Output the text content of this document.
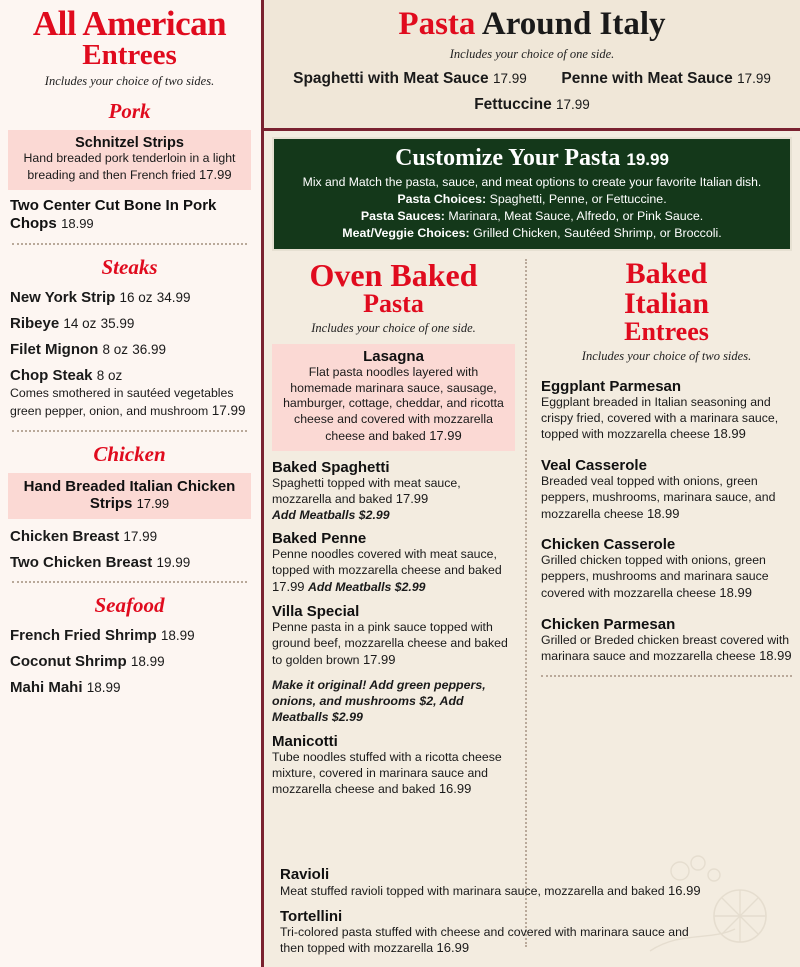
All American
Entrees
Includes your choice of two sides.
Pork
Schnitzel Strips
Hand breaded pork tenderloin in a light breading and then French fried 17.99
Two Center Cut Bone In Pork Chops 18.99
Steaks
New York Strip 16 oz 34.99
Ribeye 14 oz 35.99
Filet Mignon 8 oz 36.99
Chop Steak 8 oz
Comes smothered in sautéed vegetables green pepper, onion, and mushroom 17.99
Chicken
Hand Breaded Italian Chicken Strips 17.99
Chicken Breast 17.99
Two Chicken Breast 19.99
Seafood
French Fried Shrimp 18.99
Coconut Shrimp 18.99
Mahi Mahi 18.99
Pasta Around Italy
Includes your choice of one side.
Spaghetti with Meat Sauce 17.99 Penne with Meat Sauce 17.99
Fettuccine 17.99
Customize Your Pasta 19.99
Mix and Match the pasta, sauce, and meat options to create your favorite Italian dish.
Pasta Choices: Spaghetti, Penne, or Fettuccine.
Pasta Sauces: Marinara, Meat Sauce, Alfredo, or Pink Sauce.
Meat/Veggie Choices: Grilled Chicken, Sautéed Shrimp, or Broccoli.
Oven Baked
Pasta
Includes your choice of one side.
Lasagna
Flat pasta noodles layered with homemade marinara sauce, sausage, hamburger, cottage, cheddar, and ricotta cheese and covered with mozzarella cheese and baked 17.99
Baked Spaghetti
Spaghetti topped with meat sauce, mozzarella and baked 17.99
Add Meatballs $2.99
Baked Penne
Penne noodles covered with meat sauce, topped with mozzarella cheese and baked 17.99 Add Meatballs $2.99
Villa Special
Penne pasta in a pink sauce topped with ground beef, mozzarella cheese and baked to golden brown 17.99
Make it original! Add green peppers, onions, and mushrooms $2, Add Meatballs $2.99
Manicotti
Tube noodles stuffed with a ricotta cheese mixture, covered in marinara sauce and mozzarella cheese and baked 16.99
Baked
Italian
Entrees
Includes your choice of two sides.
Eggplant Parmesan
Eggplant breaded in Italian seasoning and crispy fried, covered with a marinara sauce, topped with mozzarella cheese 18.99
Veal Casserole
Breaded veal topped with onions, green peppers, mushrooms, marinara sauce, and mozzarella cheese 18.99
Chicken Casserole
Grilled chicken topped with onions, green peppers, mushrooms and marinara sauce covered with mozzarella cheese 18.99
Chicken Parmesan
Grilled or Breded chicken breast covered with marinara sauce and mozzarella cheese 18.99
Ravioli
Meat stuffed ravioli topped with marinara sauce, mozzarella and baked 16.99
Tortellini
Tri-colored pasta stuffed with cheese and covered with marinara sauce and then topped with mozzarella 16.99
